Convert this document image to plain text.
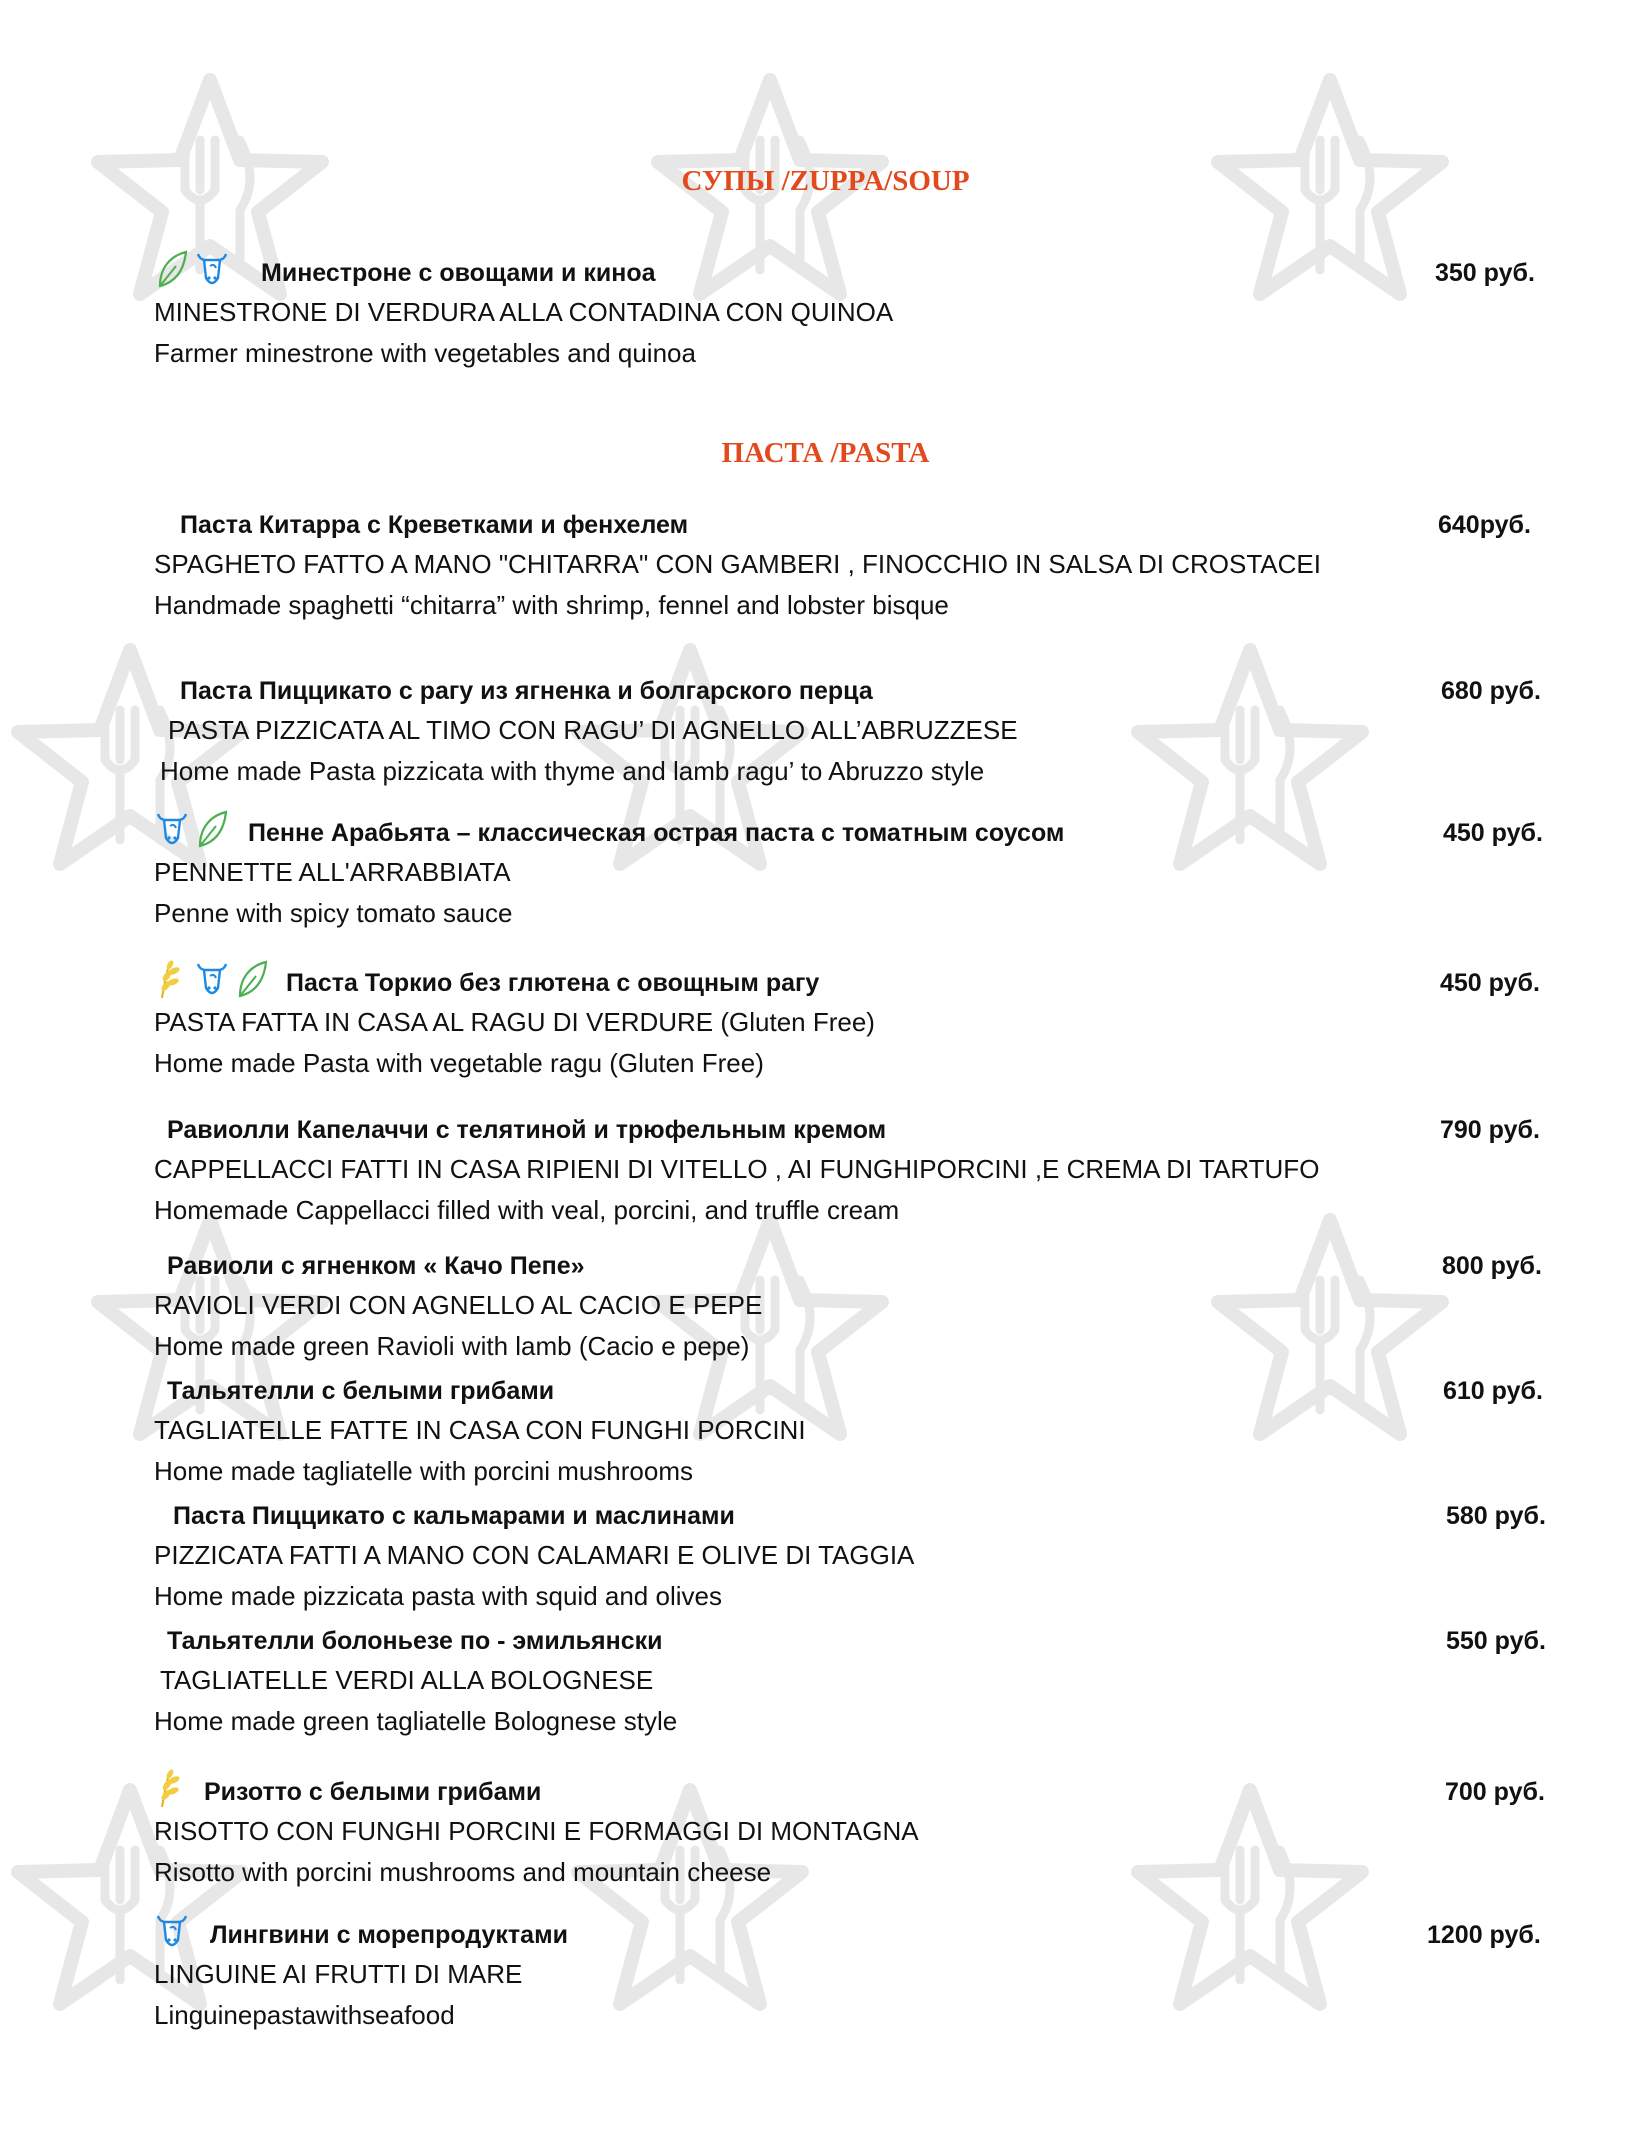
СУПЫ /ZUPPA/SOUP
ПАСТА /PASTA
Минестроне с овощами и киноа	350 руб.

MINESTRONE DI VERDURA ALLA CONTADINA CON QUINOA

Farmer minestrone with vegetables and quinoa

Паста Китарра с Креветками и фенхелем	640руб.

SPAGHETO FATTO A MANO "CHITARRA" CON GAMBERI , FINOCCHIO IN SALSA DI CROSTACEI

Handmade spaghetti “chitarra” with shrimp, fennel and lobster bisque

Паста Пиццикато с рагу из ягненка и болгарского перца	680 руб.

PASTA PIZZICATA AL TIMO CON RAGU’ DI AGNELLO ALL’ABRUZZESE

Home made Pasta pizzicata with thyme and lamb ragu’ to Abruzzo style

Пенне Арабьята – классическая острая паста с томатным соусом	450 руб.

PENNETTE ALL'ARRABBIATA

Penne with spicy tomato sauce

Паста Торкио без глютена с овощным рагу	450 руб.

PASTA FATTA IN CASA AL RAGU DI VERDURE (Gluten Free)

Home made Pasta with vegetable ragu (Gluten Free)

Равиолли Капелаччи с телятиной и трюфельным кремом	790 руб.

CAPPELLACCI FATTI IN CASA RIPIENI DI VITELLO , AI FUNGHIPORCINI ,E CREMA DI TARTUFO

Homemade Cappellacci filled with veal, porcini, and truffle cream

Равиоли с ягненком « Качо Пепе»	800 руб.

RAVIOLI VERDI CON AGNELLO AL CACIO E PEPE

Home made green Ravioli with lamb (Cacio e pepe)

Тальятелли с белыми грибами	610 руб.

TAGLIATELLE FATTE IN CASA CON FUNGHI PORCINI

Home made tagliatelle with porcini mushrooms

Паста Пиццикато с кальмарами и маслинами	580 руб.

PIZZICATA FATTI A MANO CON CALAMARI E OLIVE DI TAGGIA

Home made pizzicata pasta with squid and olives

Тальятелли болоньезе по - эмильянски	550 руб.

TAGLIATELLE VERDI ALLA BOLOGNESE

Home made green tagliatelle Bolognese style

Ризотто с белыми грибами	700 руб.

RISOTTO CON FUNGHI PORCINI E FORMAGGI DI MONTAGNA

Risotto with porcini mushrooms and mountain cheese

Лингвини с морепродуктами	1200 руб.

LINGUINE AI FRUTTI DI MARE

Linguinepastawithseafood
